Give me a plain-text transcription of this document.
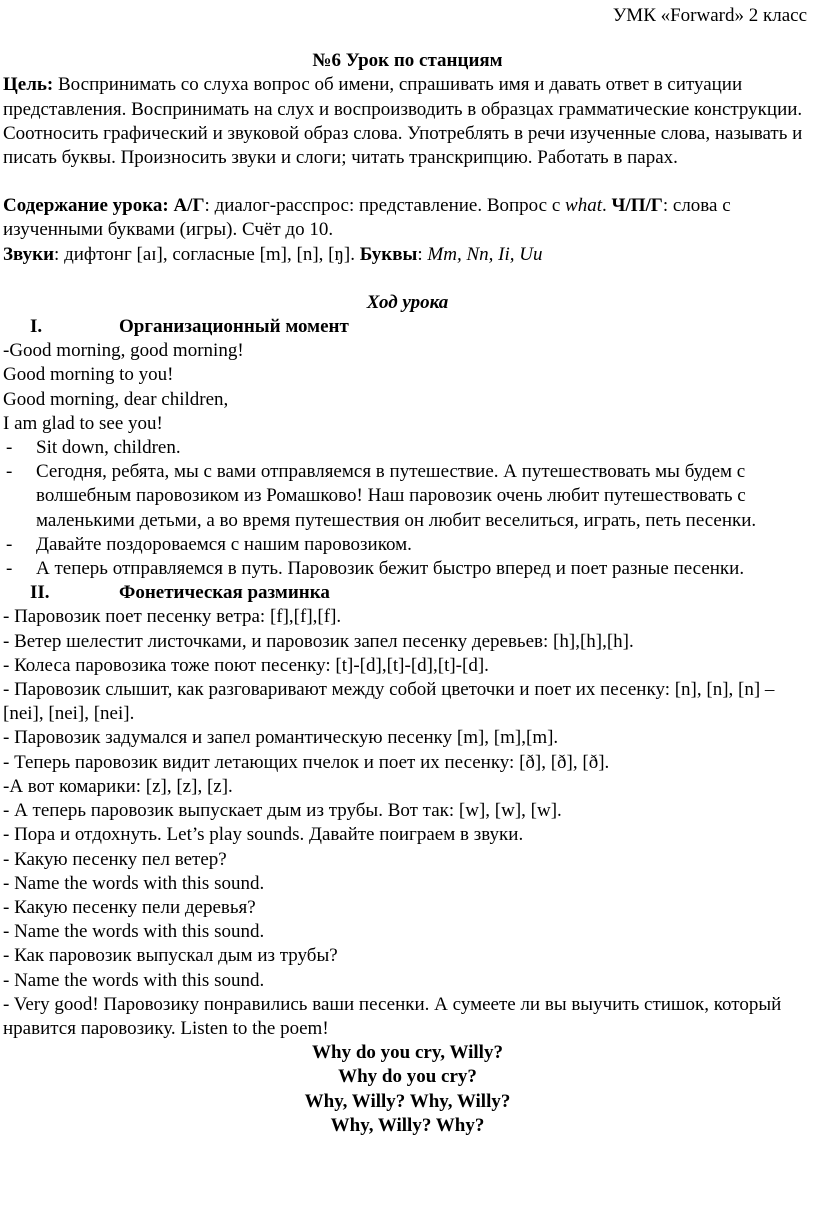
УМК «Forward» 2 класс
№6 Урок по станциям

Цель: Воспринимать со слуха вопрос об имени, спрашивать имя и давать ответ в ситуации представления. Воспринимать на слух и воспроизводить в образцах грамматические конструкции. Соотносить графический и звуковой образ слова. Употреблять в речи изученные слова, называть и писать буквы. Произносить звуки и слоги; читать транскрипцию. Работать в парах.

Содержание урока: А/Г: диалог-расспрос: представление. Вопрос с what. Ч/П/Г: слова с изученными буквами (игры). Счёт до 10.

Звуки: дифтонг [aɪ], согласные [m], [n], [ŋ]. Буквы: Mm, Nn, Ii, Uu

Ход урока

I.	Организационный момент

-Good morning, good morning!

Good morning to you!

Good morning, dear children,

I am glad to see you!

-	Sit down, children.
-	Сегодня, ребята, мы с вами отправляемся в путешествие. А путешествовать мы будем с волшебным паровозиком из Ромашково! Наш паровозик очень любит путешествовать с маленькими детьми, а во время путешествия он любит веселиться, играть, петь песенки.
-	Давайте поздороваемся с нашим паровозиком.
-	А теперь отправляемся в путь. Паровозик бежит быстро вперед и поет разные песенки.
II.	Фонетическая разминка

- Паровозик поет песенку ветра: [f],[f],[f].

- Ветер шелестит листочками, и паровозик запел песенку деревьев: [h],[h],[h].

- Колеса паровозика тоже поют песенку: [t]-[d],[t]-[d],[t]-[d].

- Паровозик слышит, как разговаривают между собой цветочки и поет их песенку: [n], [n], [n] – [nei], [nei], [nei].

- Паровозик задумался и запел романтическую песенку [m], [m],[m].

- Теперь паровозик видит летающих пчелок и поет их песенку: [ð], [ð], [ð].

-А вот комарики: [z], [z], [z].

- А теперь паровозик выпускает дым из трубы. Вот так: [w], [w], [w].

- Пора и отдохнуть. Let’s play sounds. Давайте поиграем в звуки.

- Какую песенку пел ветер?

- Name the words with this sound.

- Какую песенку пели деревья?

- Name the words with this sound.

- Как паровозик выпускал дым из трубы?

- Name the words with this sound.

- Very good! Паровозику понравились ваши песенки. А сумеете ли вы выучить стишок, который нравится паровозику. Listen to the poem!

Why do you cry, Willy?

Why do you cry?

Why, Willy? Why, Willy?

Why, Willy? Why?
